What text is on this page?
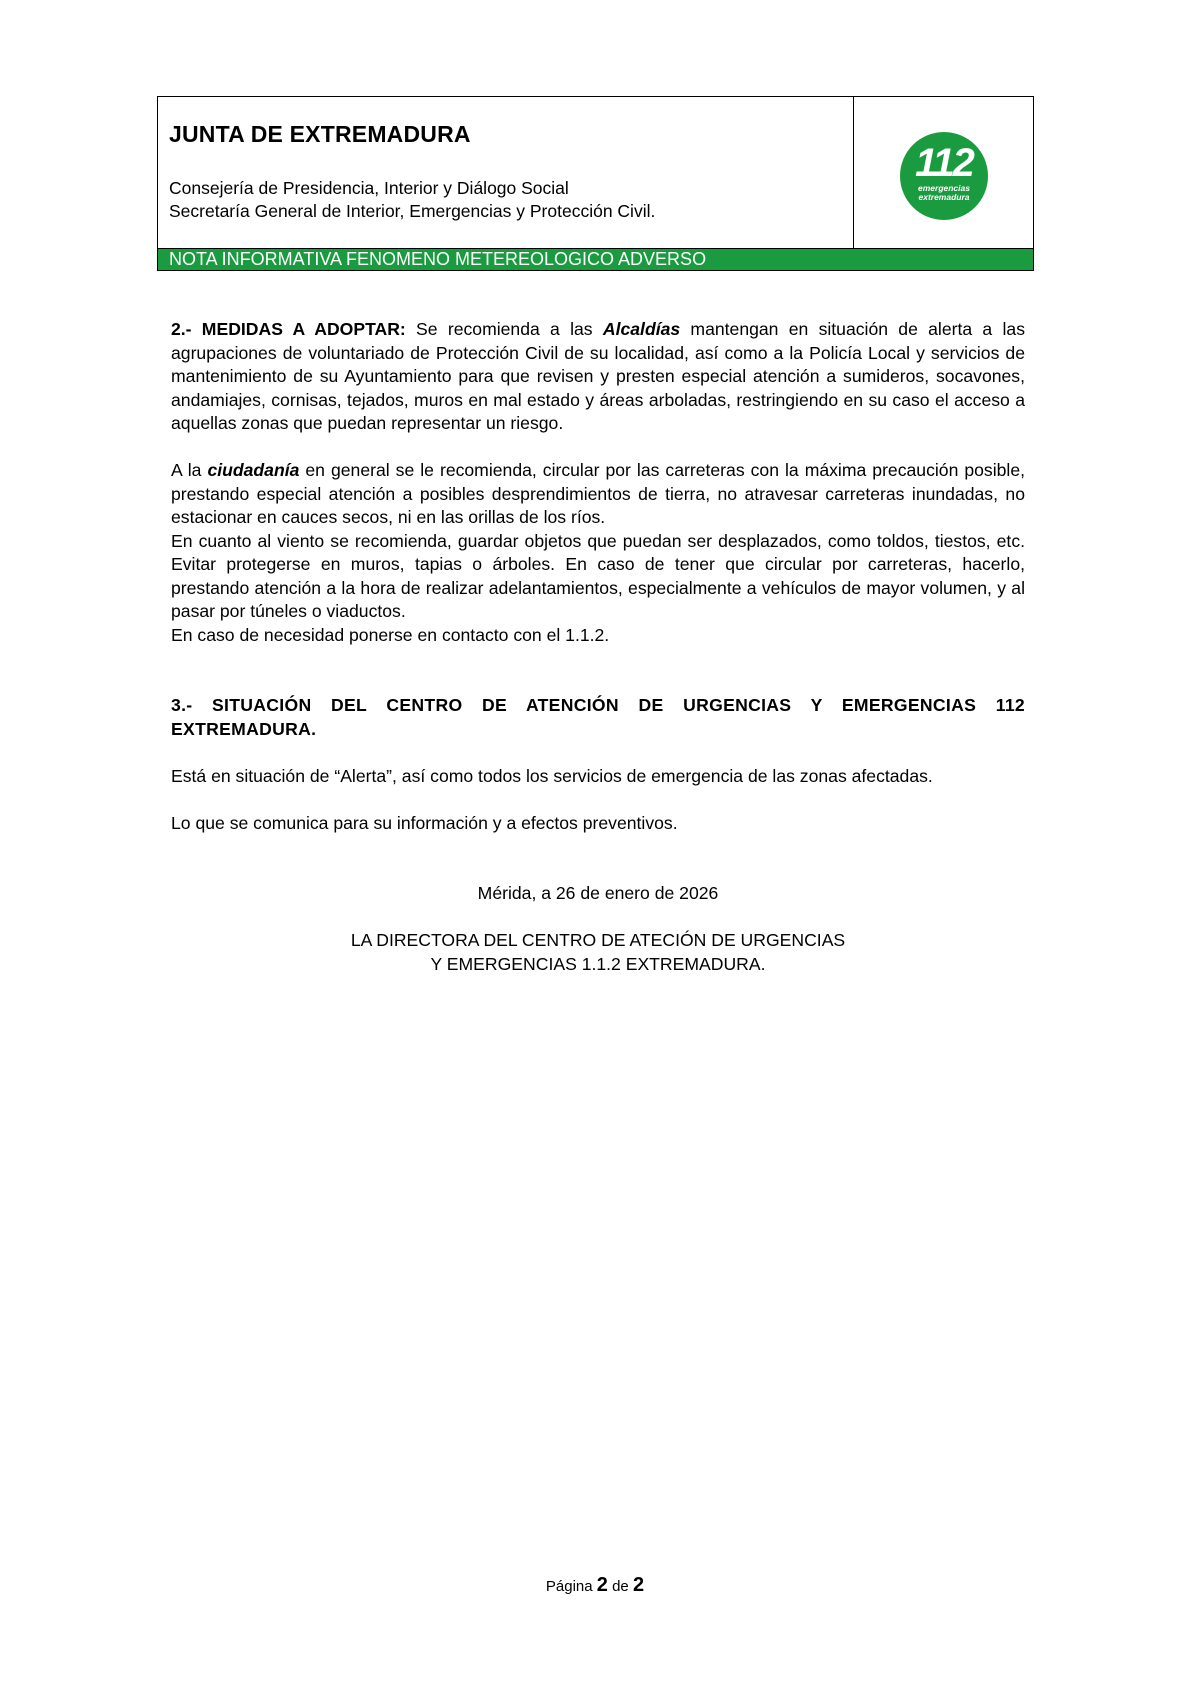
JUNTA DE EXTREMADURA
Consejería de Presidencia, Interior y Diálogo Social
Secretaría General de Interior, Emergencias y Protección Civil.
112
emergencias
extremadura
NOTA INFORMATIVA FENOMENO METEREOLOGICO ADVERSO

2.- MEDIDAS A ADOPTAR: Se recomienda a las Alcaldías mantengan en situación de alerta a las agrupaciones de voluntariado de Protección Civil de su localidad, así como a la Policía Local y servicios de mantenimiento de su Ayuntamiento para que revisen y presten especial atención a sumideros, socavones, andamiajes, cornisas, tejados, muros en mal estado y áreas arboladas, restringiendo en su caso el acceso a aquellas zonas que puedan representar un riesgo.

A la ciudadanía en general se le recomienda, circular por las carreteras con la máxima precaución posible, prestando especial atención a posibles desprendimientos de tierra, no atravesar carreteras inundadas, no estacionar en cauces secos, ni en las orillas de los ríos.

En cuanto al viento se recomienda, guardar objetos que puedan ser desplazados, como toldos, tiestos, etc. Evitar protegerse en muros, tapias o árboles. En caso de tener que circular por carreteras, hacerlo, prestando atención a la hora de realizar adelantamientos, especialmente a vehículos de mayor volumen, y al pasar por túneles o viaductos.

En caso de necesidad ponerse en contacto con el 1.1.2.

3.- SITUACIÓN DEL CENTRO DE ATENCIÓN DE URGENCIAS Y EMERGENCIAS 112 EXTREMADURA.

Está en situación de “Alerta”, así como todos los servicios de emergencia de las zonas afectadas.

Lo que se comunica para su información y a efectos preventivos.

Mérida, a 26 de enero de 2026

LA DIRECTORA DEL CENTRO DE ATECIÓN DE URGENCIAS

Y EMERGENCIAS 1.1.2 EXTREMADURA.

Página 2 de 2
